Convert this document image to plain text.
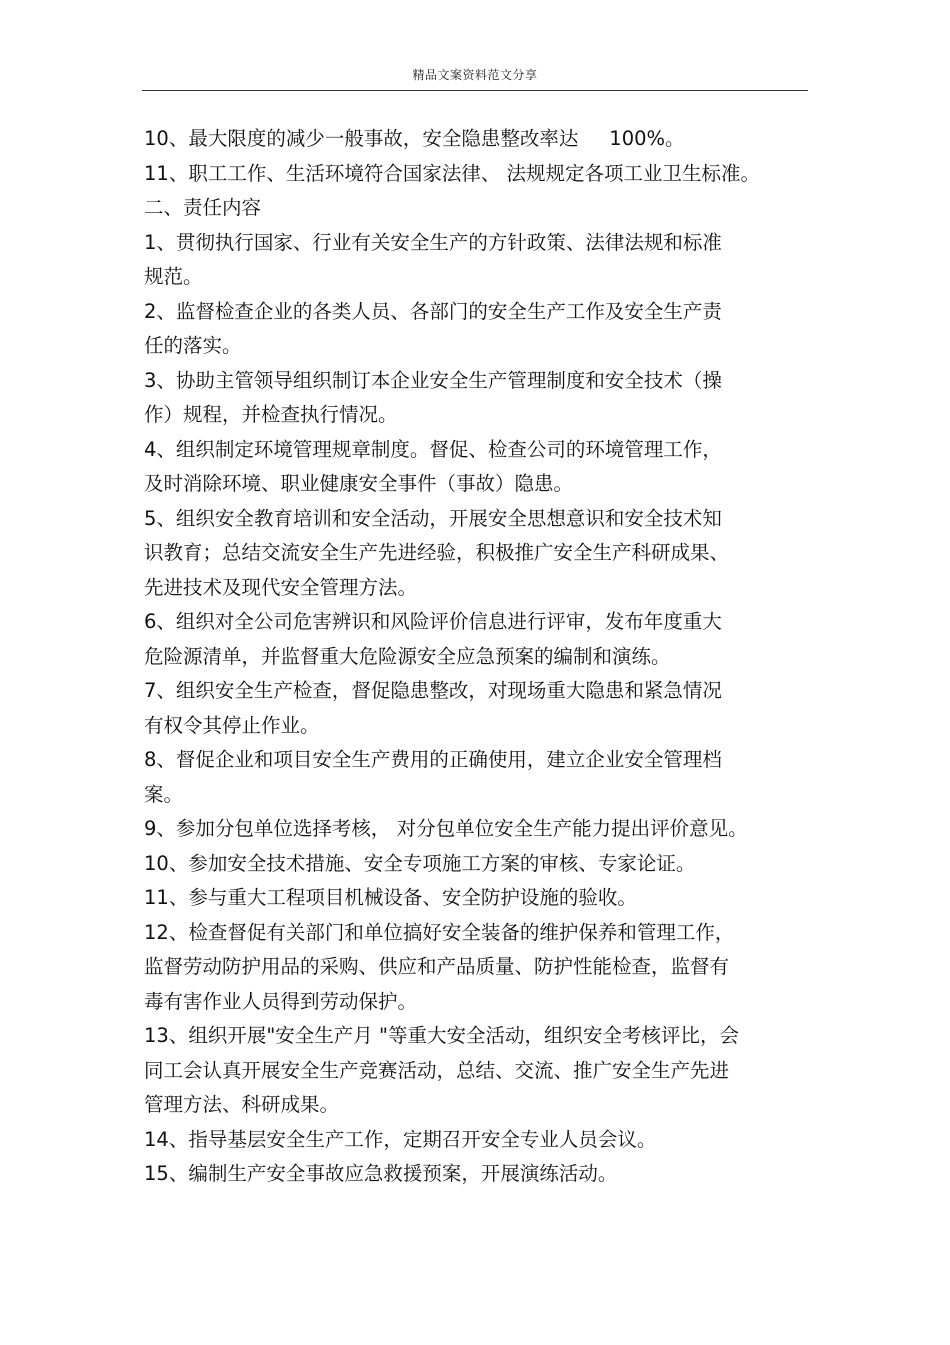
精品文案资料范文分享
10、最大限度的减少一般事故，安全隐患整改率达     100%。
11、职工工作、生活环境符合国家法律、 法规规定各项工业卫生标准。
二、责任内容
1、贯彻执行国家、行业有关安全生产的方针政策、法律法规和标准
规范。
2、监督检查企业的各类人员、各部门的安全生产工作及安全生产责
任的落实。
3、协助主管领导组织制订本企业安全生产管理制度和安全技术（操
作）规程，并检查执行情况。
4、组织制定环境管理规章制度。督促、检查公司的环境管理工作，
及时消除环境、职业健康安全事件（事故）隐患。
5、组织安全教育培训和安全活动，开展安全思想意识和安全技术知
识教育；总结交流安全生产先进经验，积极推广安全生产科研成果、
先进技术及现代安全管理方法。
6、组织对全公司危害辨识和风险评价信息进行评审，发布年度重大
危险源清单，并监督重大危险源安全应急预案的编制和演练。
7、组织安全生产检查，督促隐患整改，对现场重大隐患和紧急情况
有权令其停止作业。
8、督促企业和项目安全生产费用的正确使用，建立企业安全管理档
案。
9、参加分包单位选择考核， 对分包单位安全生产能力提出评价意见。
10、参加安全技术措施、安全专项施工方案的审核、专家论证。
11、参与重大工程项目机械设备、安全防护设施的验收。
12、检查督促有关部门和单位搞好安全装备的维护保养和管理工作，
监督劳动防护用品的采购、供应和产品质量、防护性能检查，监督有
毒有害作业人员得到劳动保护。
13、组织开展"安全生产月 "等重大安全活动，组织安全考核评比，会
同工会认真开展安全生产竞赛活动，总结、交流、推广安全生产先进
管理方法、科研成果。
14、指导基层安全生产工作，定期召开安全专业人员会议。
15、编制生产安全事故应急救援预案，开展演练活动。
